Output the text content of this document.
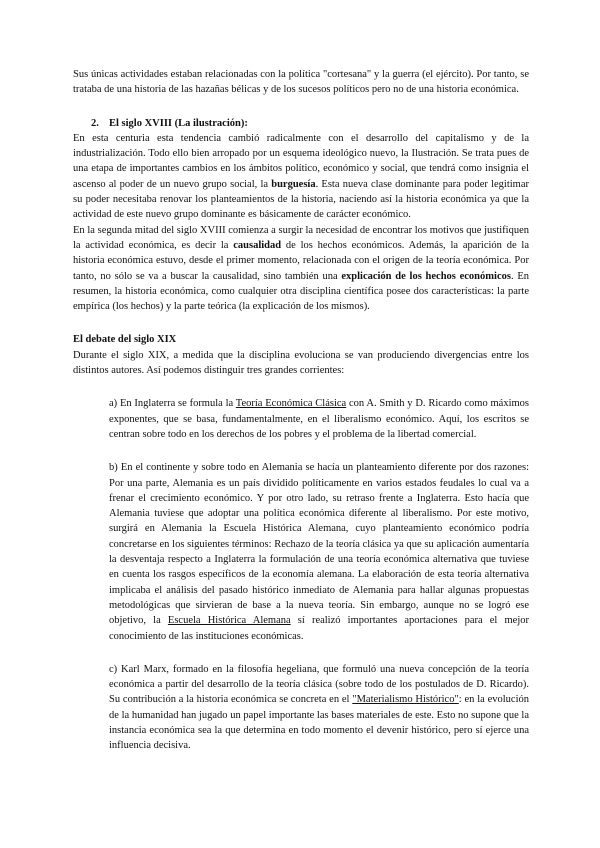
Sus únicas actividades estaban relacionadas con la política "cortesana" y la guerra (el ejército). Por tanto, se trataba de una historia de las hazañas bélicas y de los sucesos políticos pero no de una historia económica.

2. El siglo XVIII (La ilustración):

En esta centuria esta tendencia cambió radicalmente con el desarrollo del capitalismo y de la industrialización. Todo ello bien arropado por un esquema ideológico nuevo, la Ilustración. Se trata pues de una etapa de importantes cambios en los ámbitos político, económico y social, que tendrá como insignia el ascenso al poder de un nuevo grupo social, la burguesía. Esta nueva clase dominante para poder legitimar su poder necesitaba renovar los planteamientos de la historia, naciendo así la historia económica ya que la actividad de este nuevo grupo dominante es básicamente de carácter económico.

En la segunda mitad del siglo XVIII comienza a surgir la necesidad de encontrar los motivos que justifiquen la actividad económica, es decir la causalidad de los hechos económicos. Además, la aparición de la historia económica estuvo, desde el primer momento, relacionada con el origen de la teoría económica. Por tanto, no sólo se va a buscar la causalidad, sino también una explicación de los hechos económicos. En resumen, la historia económica, como cualquier otra disciplina científica posee dos características: la parte empírica (los hechos) y la parte teórica (la explicación de los mismos).

El debate del siglo XIX

Durante el siglo XIX, a medida que la disciplina evoluciona se van produciendo divergencias entre los distintos autores. Así podemos distinguir tres grandes corrientes:

a) En Inglaterra se formula la Teoría Económica Clásica con A. Smith y D. Ricardo como máximos exponentes, que se basa, fundamentalmente, en el liberalismo económico. Aquí, los escritos se centran sobre todo en los derechos de los pobres y el problema de la libertad comercial.

b) En el continente y sobre todo en Alemania se hacía un planteamiento diferente por dos razones: Por una parte, Alemania es un país dividido políticamente en varios estados feudales lo cual va a frenar el crecimiento económico. Y por otro lado, su retraso frente a Inglaterra. Esto hacía que Alemania tuviese que adoptar una política económica diferente al liberalismo. Por este motivo, surgirá en Alemania la Escuela Histórica Alemana, cuyo planteamiento económico podría concretarse en los siguientes términos: Rechazo de la teoría clásica ya que su aplicación aumentaría la desventaja respecto a Inglaterra la formulación de una teoría económica alternativa que tuviese en cuenta los rasgos específicos de la economía alemana. La elaboración de esta teoría alternativa implicaba el análisis del pasado histórico inmediato de Alemania para hallar algunas propuestas metodológicas que sirvieran de base a la nueva teoría. Sin embargo, aunque no se logró ese objetivo, la Escuela Histórica Alemana sí realizó importantes aportaciones para el mejor conocimiento de las instituciones económicas.

c) Karl Marx, formado en la filosofía hegeliana, que formuló una nueva concepción de la teoría económica a partir del desarrollo de la teoría clásica (sobre todo de los postulados de D. Ricardo). Su contribución a la historia económica se concreta en el "Materialismo Histórico": en la evolución de la humanidad han jugado un papel importante las bases materiales de este. Esto no supone que la instancia económica sea la que determina en todo momento el devenir histórico, pero sí ejerce una influencia decisiva.
